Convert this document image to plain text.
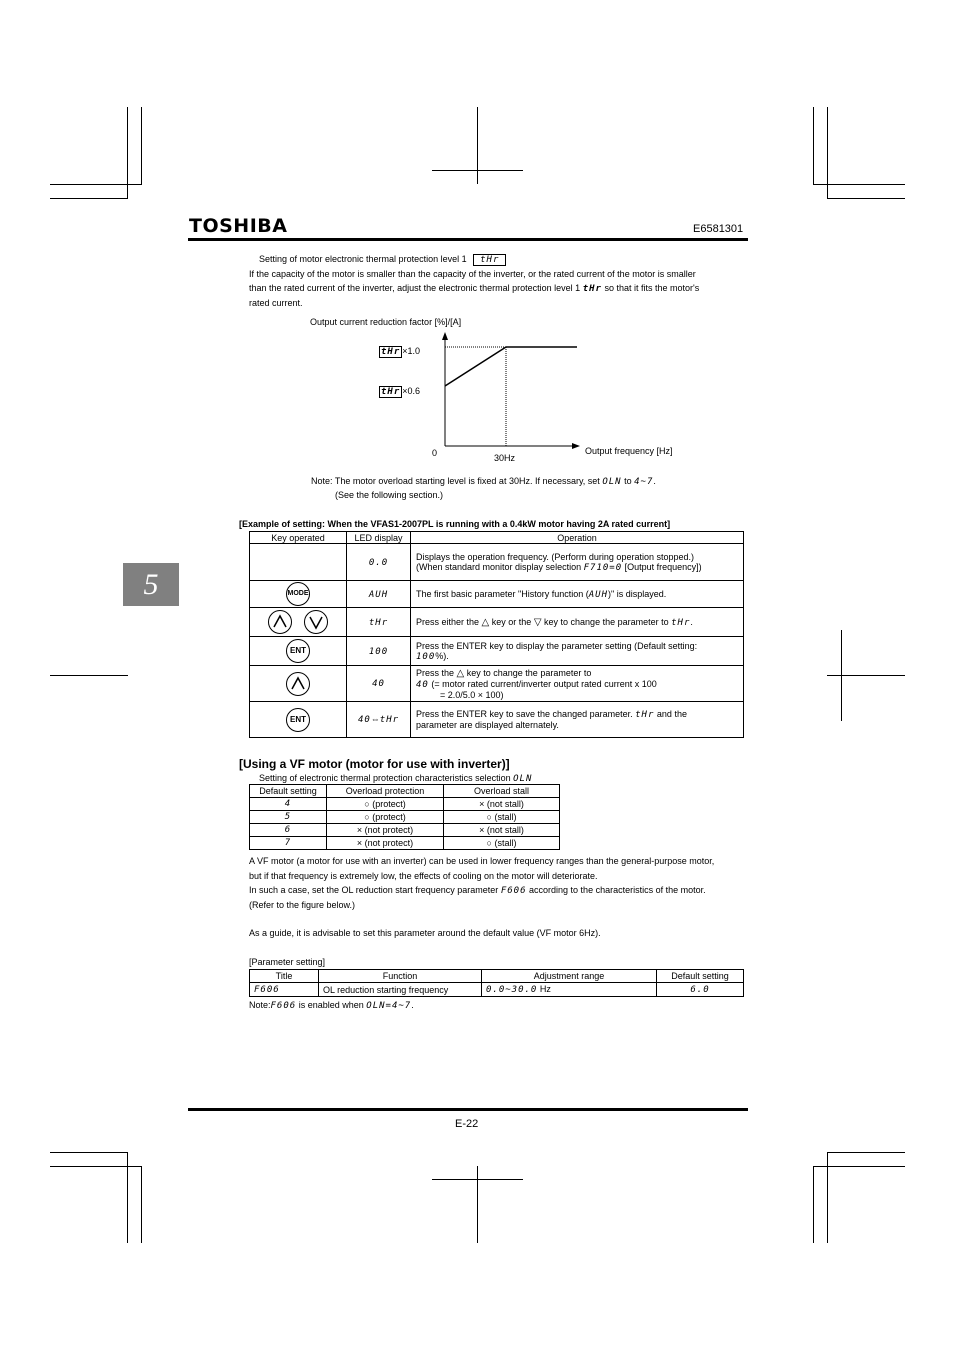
TOSHIBA	E6581301
5
Setting of motor electronic thermal protection level 1 tHr
If the capacity of the motor is smaller than the capacity of the inverter, or the rated current of the motor is smaller
than the rated current of the inverter, adjust the electronic thermal protection level 1 tHr so that it fits the motor's
rated current.
Output current reduction factor [%]/[A]
tHr ×1.0
tHr ×0.6
0	30Hz
Output frequency [Hz]
Note: The motor overload starting level is fixed at 30Hz. If necessary, set OLN to 4~7.
(See the following section.)
[Example of setting: When the VFAS1-2007PL is running with a 0.4kW motor having 2A rated current]
Key operated	LED display	Operation
	0.0	Displays the operation frequency. (Perform during operation stopped.)
(When standard monitor display selection F710=0 [Output frequency])

MODE	AUH	The first basic parameter "History function (AUH)" is displayed.
	tHr	Press either the △ key or the ▽ key to change the parameter to tHr.
ENT	100	Press the ENTER key to display the parameter setting (Default setting:
100%).

	40	Press the △ key to change the parameter to
40 (= motor rated current/inverter output rated current x 100
= 2.0/5.0 × 100)

ENT	40⇔tHr	Press the ENTER key to save the changed parameter. tHr and the
parameter are displayed alternately.
[Using a VF motor (motor for use with inverter)]
Setting of electronic thermal protection characteristics selection OLN
Default setting	Overload protection	Overload stall
4	○ (protect)	× (not stall)
5	○ (protect)	○ (stall)
6	× (not protect)	× (not stall)
7	× (not protect)	○ (stall)
A VF motor (a motor for use with an inverter) can be used in lower frequency ranges than the general-purpose motor,
but if that frequency is extremely low, the effects of cooling on the motor will deteriorate.
In such a case, set the OL reduction start frequency parameter F606 according to the characteristics of the motor.
(Refer to the figure below.)
As a guide, it is advisable to set this parameter around the default value (VF motor 6Hz).
[Parameter setting]
Title	Function	Adjustment range	Default setting
F606	OL reduction starting frequency	0.0~30.0 Hz	6.0
Note:F606 is enabled when OLN=4~7.
E-22
